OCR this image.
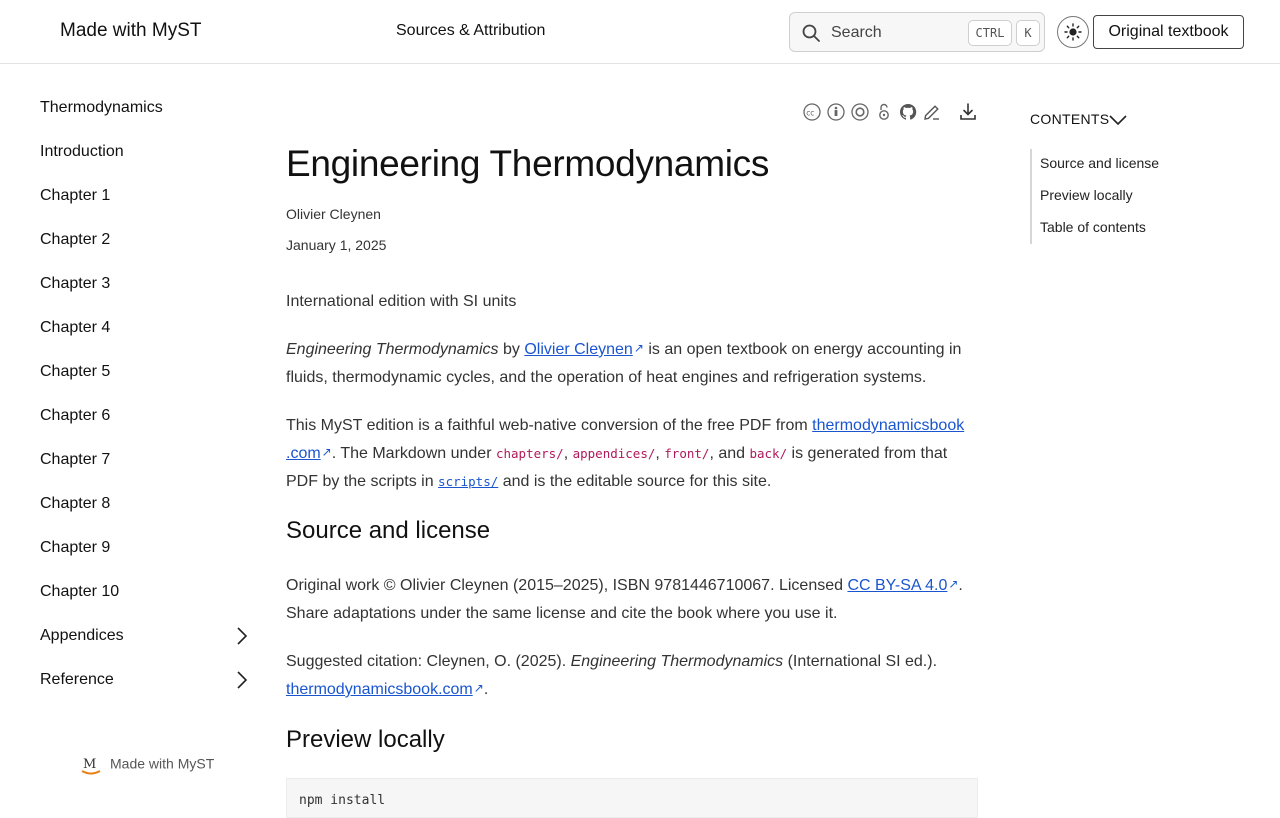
Made with MyST	Sources & Attribution	Search	CTRL	K	Original textbook
Thermodynamics
Introduction
Chapter 1
Chapter 2
Chapter 3
Chapter 4
Chapter 5
Chapter 6
Chapter 7
Chapter 8
Chapter 9
Chapter 10
Appendices
Reference
M Made with MyST
cc
Engineering Thermodynamics
Olivier Cleynen
January 1, 2025
International edition with SI units
Engineering Thermodynamics by Olivier Cleynen↗ is an open textbook on energy accounting in fluids, thermodynamic cycles, and the operation of heat engines and refrigeration systems.
This MyST edition is a faithful web-native conversion of the free PDF from thermodynamicsbook
.com↗. The Markdown under chapters/, appendices/, front/, and back/ is generated from that PDF by the scripts in scripts/ and is the editable source for this site.
Source and license
Original work © Olivier Cleynen (2015–2025), ISBN 9781446710067. Licensed CC BY-SA 4.0↗. Share adaptations under the same license and cite the book where you use it.
Suggested citation: Cleynen, O. (2025). Engineering Thermodynamics (International SI ed.).
thermodynamicsbook.com↗.
Preview locally
npm install
CONTENTS
Source and license
Preview locally
Table of contents
